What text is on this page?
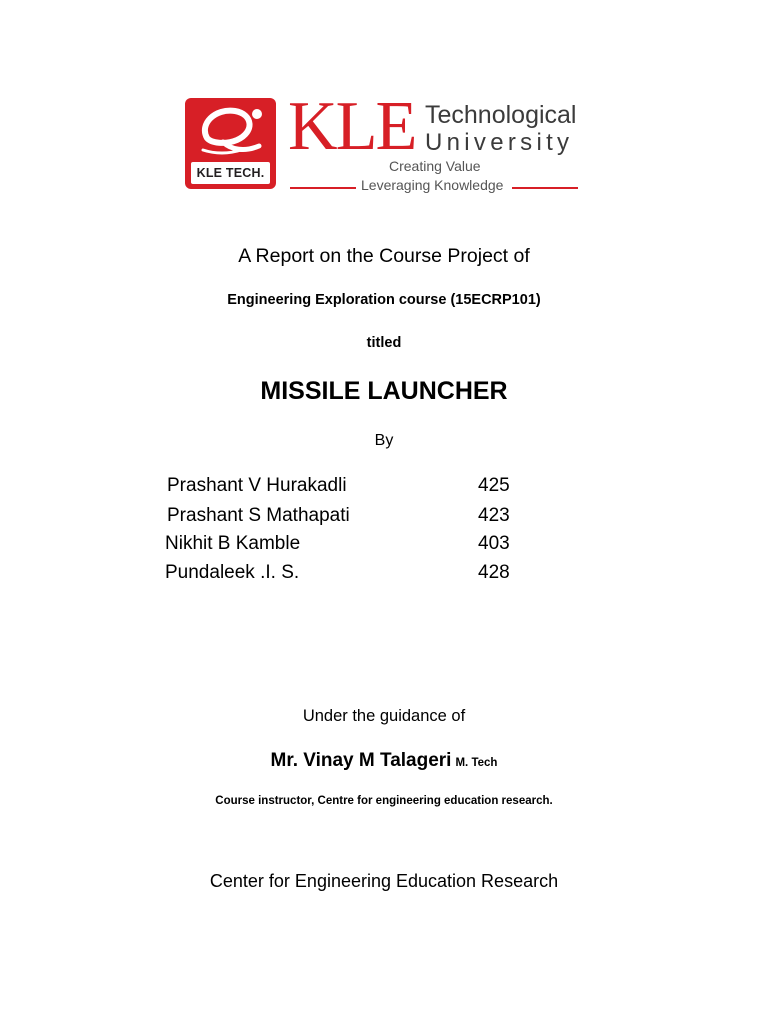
KLE TECH.
KLE Technological
University
Creating Value
Leveraging Knowledge
A Report on the Course Project of
Engineering Exploration course (15ECRP101)
titled
MISSILE LAUNCHER
By
Prashant V Hurakadli	425
Prashant S Mathapati	423
Nikhit B Kamble	403
Pundaleek .I. S.	428
Under the guidance of
Mr. Vinay M Talageri M. Tech
Course instructor, Centre for engineering education research.
Center for Engineering Education Research
